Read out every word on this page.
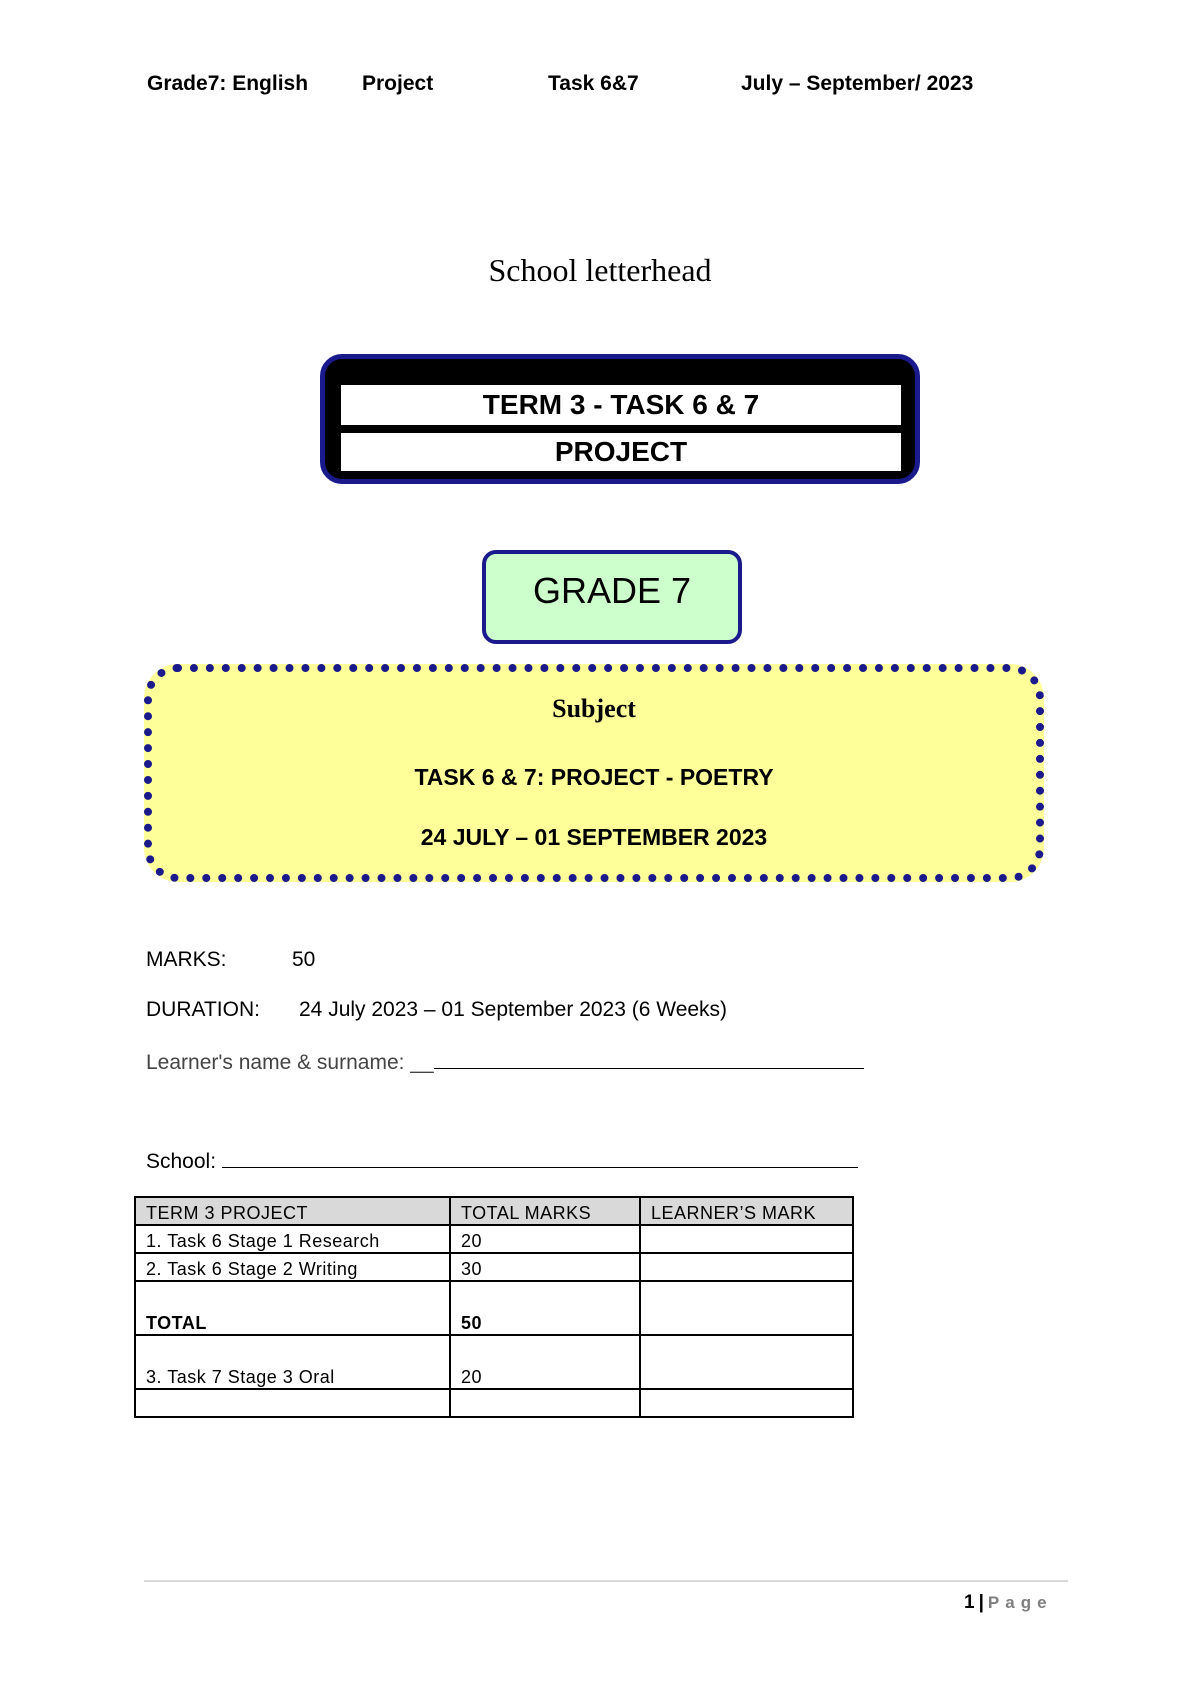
Grade7: English	Project	Task 6&7	July – September/ 2023
School letterhead
TERM 3 - TASK 6 & 7
PROJECT
GRADE 7
Subject
TASK 6 & 7: PROJECT - POETRY
24 JULY – 01 SEPTEMBER 2023
MARKS:	50
DURATION: 24 July 2023 – 01 September 2023 (6 Weeks)
Learner's name & surname: __
School:
TERM 3 PROJECT	TOTAL MARKS	LEARNER’S MARK
1. Task 6 Stage 1 Research	20	
2. Task 6 Stage 2 Writing	30	
TOTAL	50	
3. Task 7 Stage 3 Oral	20	

1 | Page
